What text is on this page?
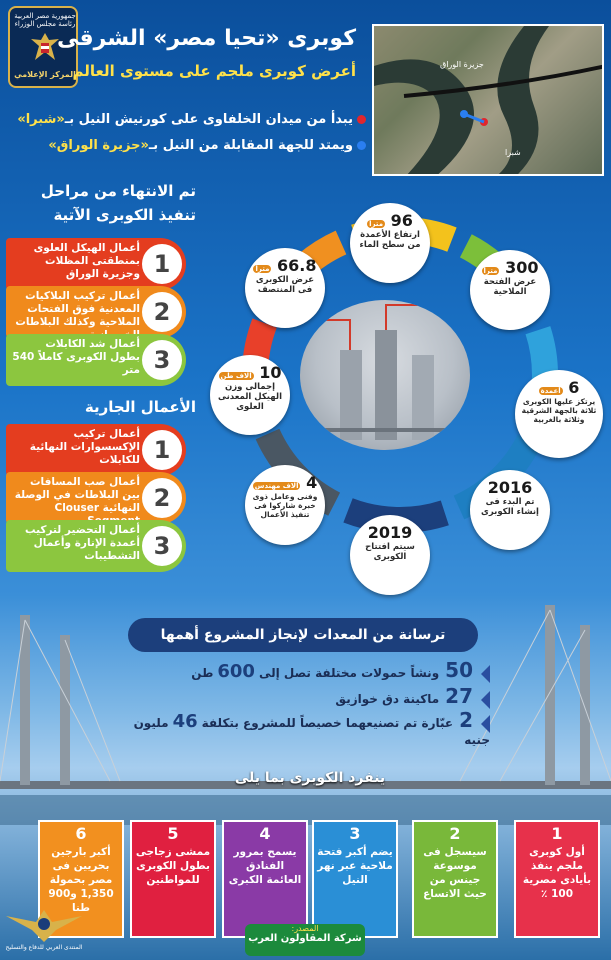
جمهورية مصر العربية رئاسة مجلس الوزراء
المركز الإعلامي
كوبرى «تحيا مصر» الشرقى
أعرض كوبرى ملجم على مستوى العالم	جزيرة الوراق
شبرا
يبدأ من ميدان الخلفاوى على كورنيش النيل بـ«شبرا»
ويمتد للجهة المقابلة من النيل بـ«جزيرة الوراق»
تم الانتهاء من مراحل
تنفيذ الكوبرى الآتية
1
أعمال الهيكل العلوى بمنطقتى المظلات وجزيرة الوراق
2
أعمال تركيب البلاكيات المعدنية فوق الفتحات الملاحية وكذلك البلاطات
3
أعمال شد الكابلات بطول الكوبرى كاملاً 540 متر
الأعمال الجارية
1
أعمال تركيب الإكسسوارات النهائية للكابلات
2
أعمال صب المسافات بين البلاطات في الوصلة النهائية Clouser
3
أعمال التحضير لتركيب أعمدة الإنارة وأعمال التشطيبات
96 مترا
ارتفاع الأعمدة من سطح الماء
300 مترا
عرض الفتحة الملاحية
6 أعمدة
يرتكز عليها الكوبرى ثلاثة بالجهة الشرقية وثلاثة بالغربية
2016
تم البدء فى إنشاء الكوبرى
2019
سيتم افتتاح الكوبرى
4 آلاف مهندس
وفنى وعامل ذوى خبرة شاركوا فى تنفيذ الأعمال
10 آلاف طن
إجمالى وزن الهيكل المعدنى العلوى
66.8 مترا
عرض الكوبرى فى المنتصف
ترسانة من المعدات لإنجاز المشروع أهمها
50ونشاً حمولات مختلفة تصل إلى600طن
27ماكينة دق خوازيق
2عبّارة تم تصنيعهما خصيصاً للمشروع بتكلفة46مليون جنيه
ينفرد الكوبرى بما يلى
1
أول كوبرى ملجم ينفذ بأيادى مصرية 100 ٪
2
سيسجل فى موسوعة جينس من حيث الاتساع
3
يضم أكبر فتحة ملاحية عبر نهر النيل
4
يسمح بمرور الفنادق العائمة الكبرى
5
ممشى زجاجى بطول الكوبرى للمواطنين
6
أكبر بارجين بحريين فى مصر بحمولة 1,350 و900 طنا
المصدر:
شركة المقاولون العرب
المنتدى العربي للدفاع والتسليح
